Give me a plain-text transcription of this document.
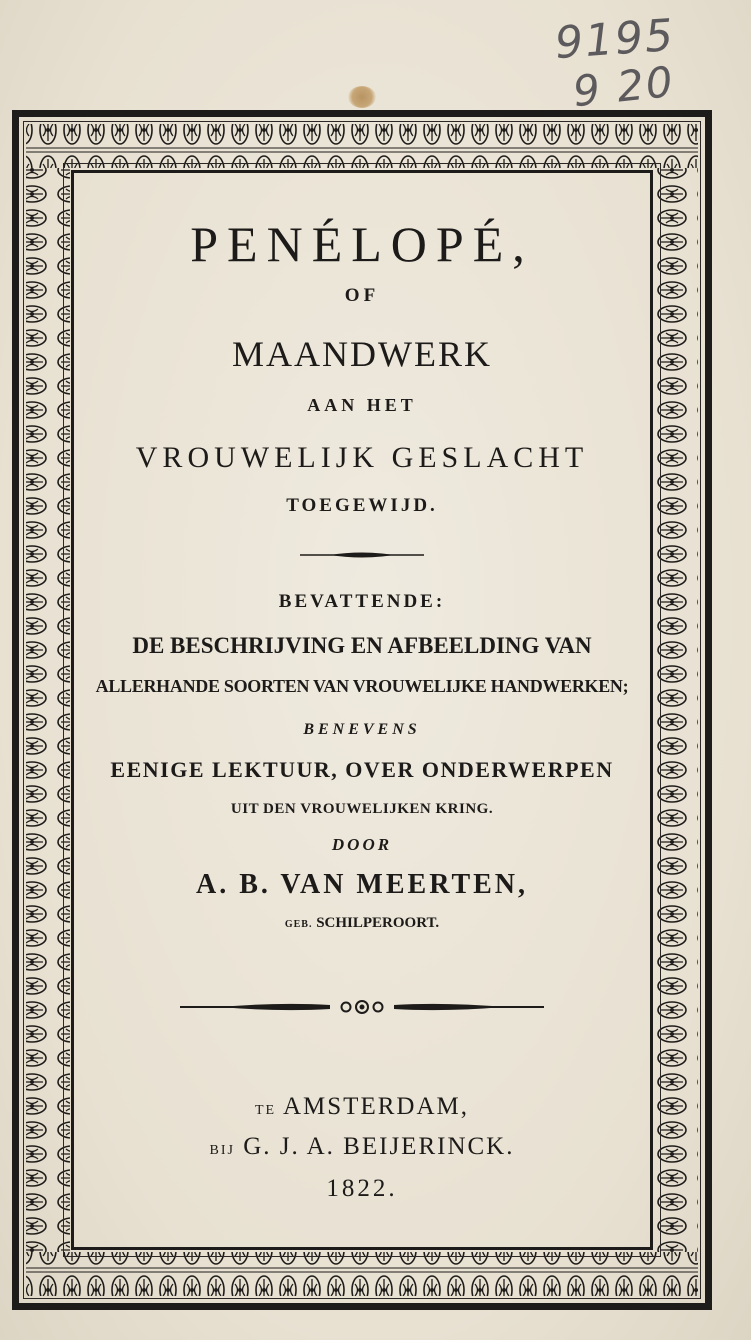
9195
9 20
PENÉLOPÉ,
OF
MAANDWERK
AAN HET
VROUWELIJK GESLACHT
TOEGEWIJD.
BEVATTENDE:
DE BESCHRIJVING EN AFBEELDING VAN
ALLERHANDE SOORTEN VAN VROUWELIJKE HANDWERKEN;
BENEVENS
EENIGE LEKTUUR, OVER ONDERWERPEN
UIT DEN VROUWELIJKEN KRING.
DOOR
A. B. VAN MEERTEN,
GEB. SCHILPEROORT.
TE AMSTERDAM,
BIJ G. J. A. BEIJERINCK.
1822.
